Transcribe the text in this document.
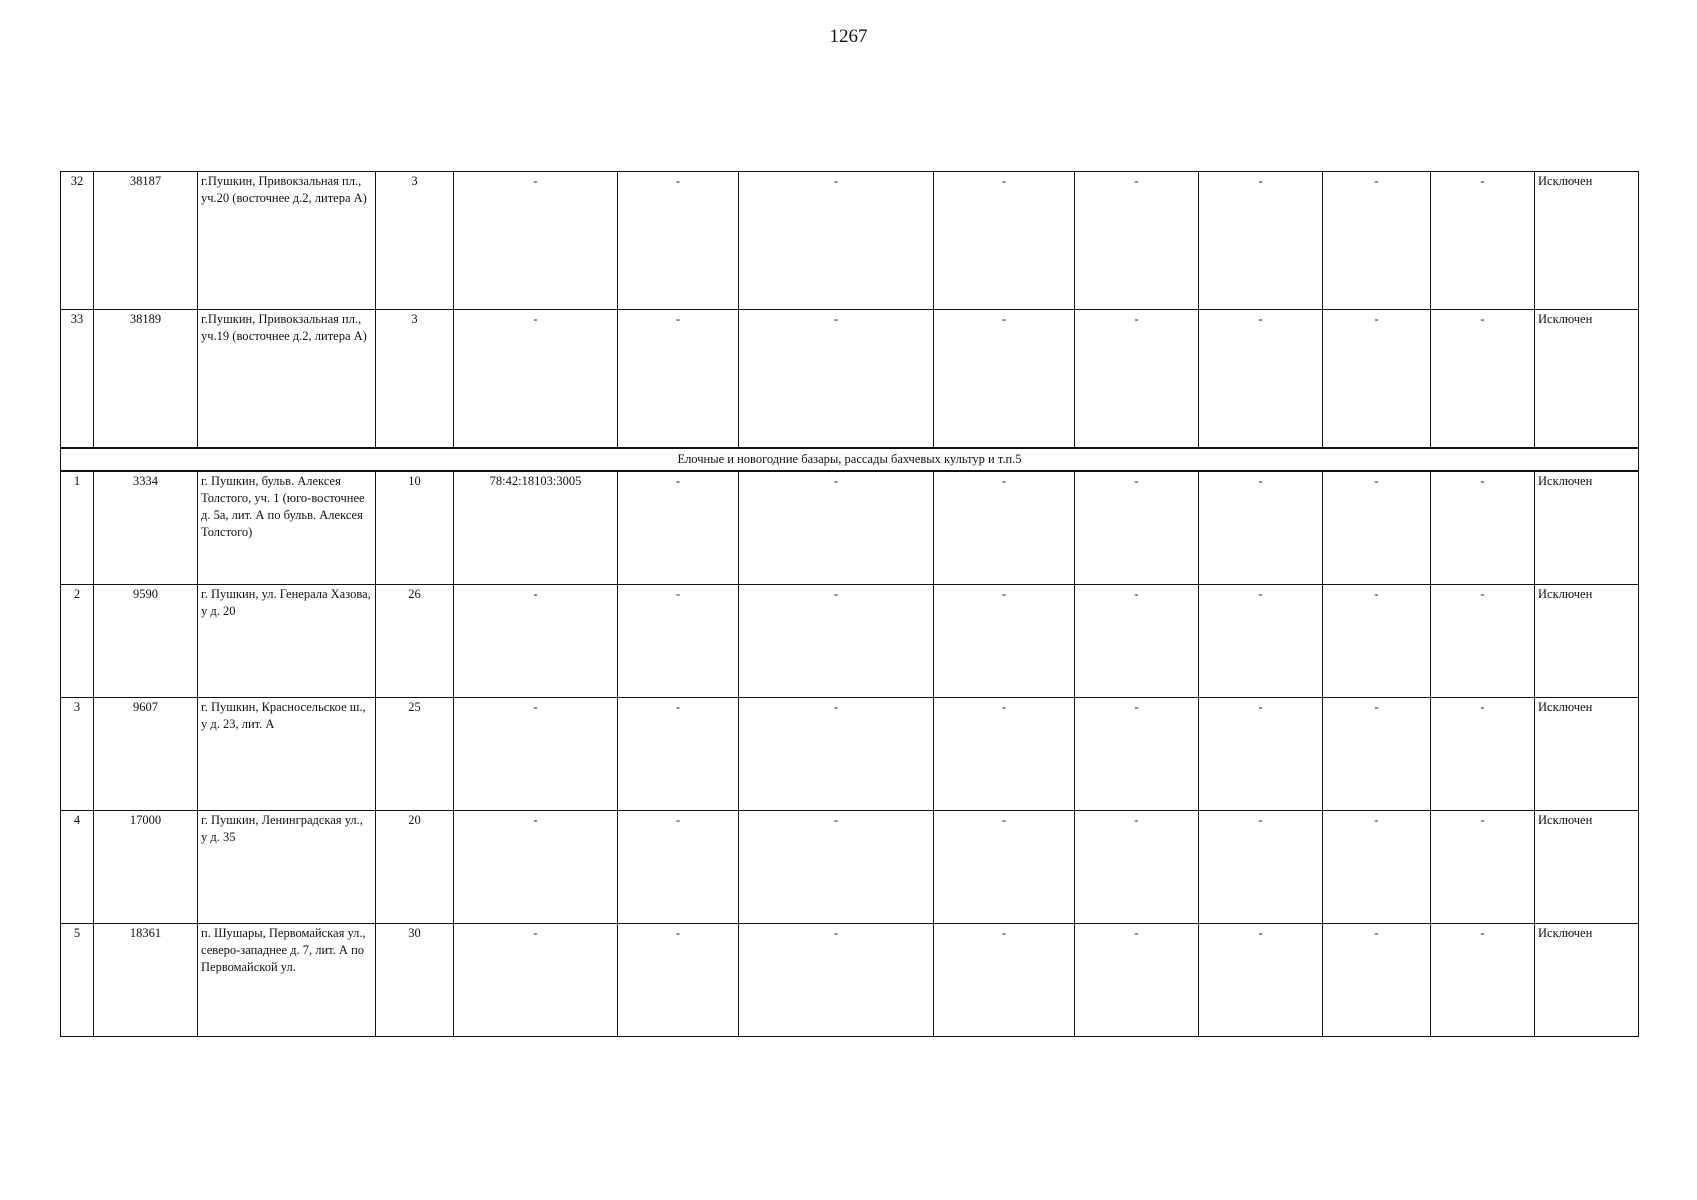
1267
32	38187	г.Пушкин, Привокзальная пл., уч.20 (восточнее д.2, литера А)	3	-	-	-	-	-	-	-	-	Исключен
33	38189	г.Пушкин, Привокзальная пл., уч.19 (восточнее д.2, литера А)	3	-	-	-	-	-	-	-	-	Исключен
Елочные и новогодние базары, рассады бахчевых культур и т.п.5												
1	3334	г. Пушкин, бульв. Алексея Толстого, уч. 1 (юго-восточнее д. 5а, лит. А по бульв. Алексея Толстого)	10	78:42:18103:3005	-	-	-	-	-	-	-	Исключен
2	9590	г. Пушкин, ул. Генерала Хазова, у д. 20	26	-	-	-	-	-	-	-	-	Исключен
3	9607	г. Пушкин, Красносельское ш., у д. 23, лит. А	25	-	-	-	-	-	-	-	-	Исключен
4	17000	г. Пушкин, Ленинградская ул., у д. 35	20	-	-	-	-	-	-	-	-	Исключен
5	18361	п. Шушары, Первомайская ул., северо-западнее д. 7, лит. А по Первомайской ул.	30	-	-	-	-	-	-	-	-	Исключен
